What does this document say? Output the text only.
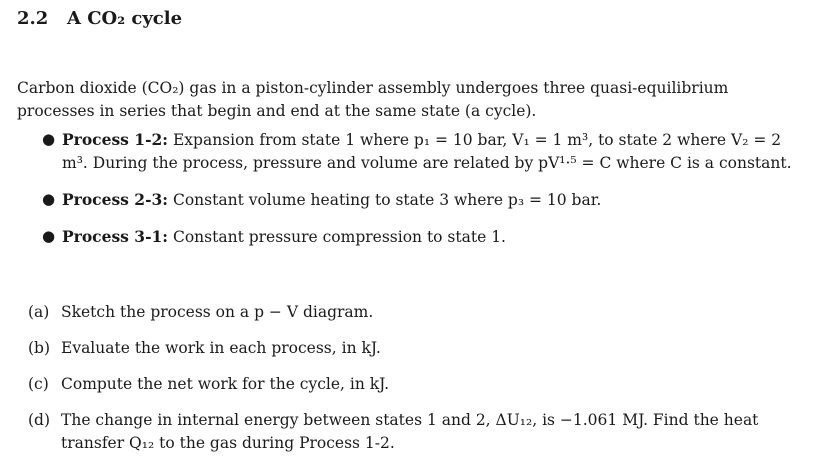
2.2 A CO₂ cycle

Carbon dioxide (CO₂) gas in a piston-cylinder assembly undergoes three quasi-equilibrium processes in series that begin and end at the same state (a cycle).

● Process 1-2: Expansion from state 1 where p₁ = 10 bar, V₁ = 1 m³, to state 2 where V₂ = 2 m³. During the process, pressure and volume are related by pV¹·⁵ = C where C is a constant.
● Process 2-3: Constant volume heating to state 3 where p₃ = 10 bar.
● Process 3-1: Constant pressure compression to state 1.
(a) Sketch the process on a p − V diagram.
(b) Evaluate the work in each process, in kJ.
(c) Compute the net work for the cycle, in kJ.
(d) The change in internal energy between states 1 and 2, ΔU₁₂, is −1.061 MJ. Find the heat transfer Q₁₂ to the gas during Process 1-2.
